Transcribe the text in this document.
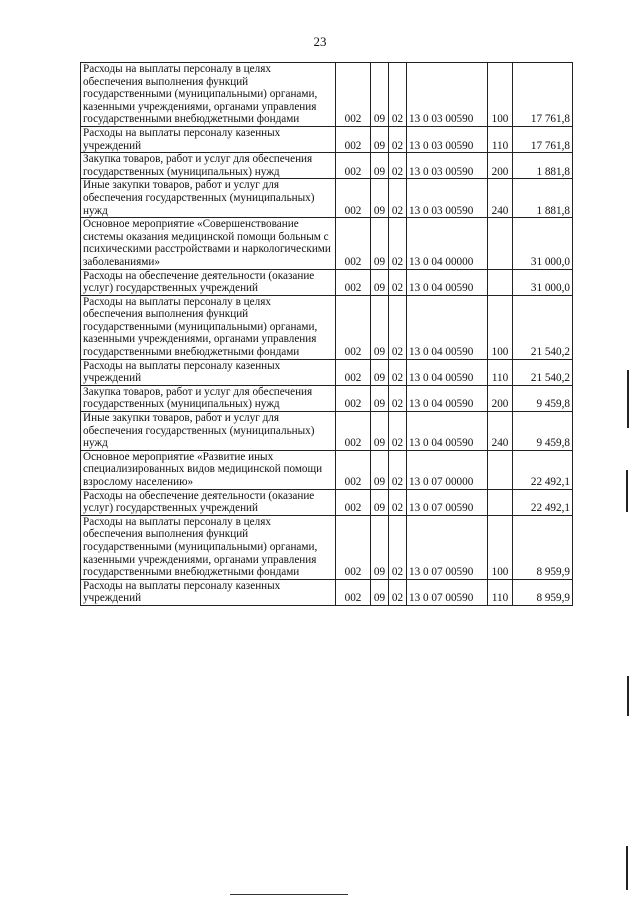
23
Расходы на выплаты персоналу в целях обеспечения выполнения функций государственными (муниципальными) органами, казенными учреждениями, органами управления государственными внебюджетными фондами	002	09	02	13 0 03 00590	100	17 761,8
Расходы на выплаты персоналу казенных учреждений	002	09	02	13 0 03 00590	110	17 761,8
Закупка товаров, работ и услуг для обеспечения государственных (муниципальных) нужд	002	09	02	13 0 03 00590	200	1 881,8
Иные закупки товаров, работ и услуг для обеспечения государственных (муниципальных) нужд	002	09	02	13 0 03 00590	240	1 881,8
Основное мероприятие «Совершенствование системы оказания медицинской помощи больным с психическими расстройствами и наркологическими заболеваниями»	002	09	02	13 0 04 00000		31 000,0
Расходы на обеспечение деятельности (оказание услуг) государственных учреждений	002	09	02	13 0 04 00590		31 000,0
Расходы на выплаты персоналу в целях обеспечения выполнения функций государственными (муниципальными) органами, казенными учреждениями, органами управления государственными внебюджетными фондами	002	09	02	13 0 04 00590	100	21 540,2
Расходы на выплаты персоналу казенных учреждений	002	09	02	13 0 04 00590	110	21 540,2
Закупка товаров, работ и услуг для обеспечения государственных (муниципальных) нужд	002	09	02	13 0 04 00590	200	9 459,8
Иные закупки товаров, работ и услуг для обеспечения государственных (муниципальных) нужд	002	09	02	13 0 04 00590	240	9 459,8
Основное мероприятие «Развитие иных специализированных видов медицинской помощи взрослому населению»	002	09	02	13 0 07 00000		22 492,1
Расходы на обеспечение деятельности (оказание услуг) государственных учреждений	002	09	02	13 0 07 00590		22 492,1
Расходы на выплаты персоналу в целях обеспечения выполнения функций государственными (муниципальными) органами, казенными учреждениями, органами управления государственными внебюджетными фондами	002	09	02	13 0 07 00590	100	8 959,9
Расходы на выплаты персоналу казенных учреждений	002	09	02	13 0 07 00590	110	8 959,9
